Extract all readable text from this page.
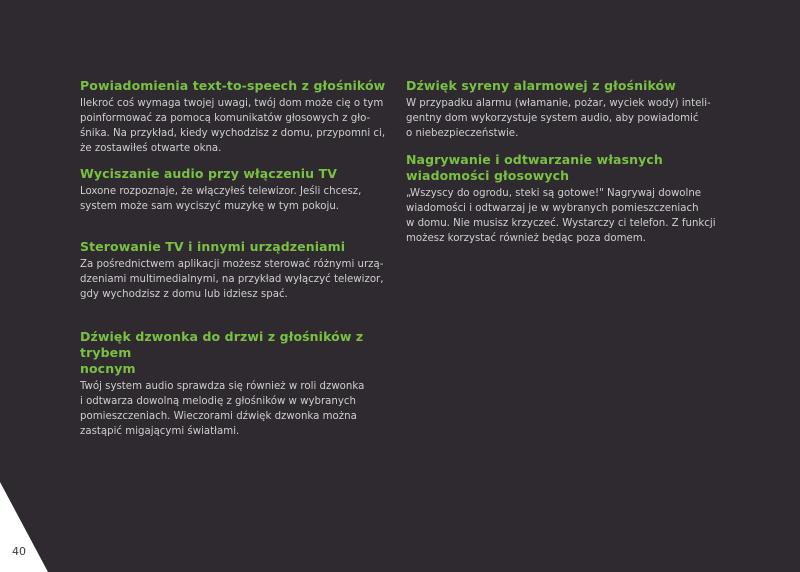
40
Powiadomienia text-to-speech z głośników

Ilekroć coś wymaga twojej uwagi, twój dom może cię o tym
poinformować za pomocą komunikatów głosowych z gło-
śnika. Na przykład, kiedy wychodzisz z domu, przypomni ci,
że zostawiłeś otwarte okna.

Wyciszanie audio przy włączeniu TV

Loxone rozpoznaje, że włączyłeś telewizor. Jeśli chcesz,
system może sam wyciszyć muzykę w tym pokoju.

Sterowanie TV i innymi urządzeniami

Za pośrednictwem aplikacji możesz sterować różnymi urzą-
dzeniami multimedialnymi, na przykład wyłączyć telewizor,
gdy wychodzisz z domu lub idziesz spać.

Dźwięk dzwonka do drzwi z głośników z trybem
nocnym

Twój system audio sprawdza się również w roli dzwonka
i odtwarza dowolną melodię z głośników w wybranych
pomieszczeniach. Wieczorami dźwięk dzwonka można
zastąpić migającymi światłami.

Dźwięk syreny alarmowej z głośników

W przypadku alarmu (włamanie, pożar, wyciek wody) inteli-
gentny dom wykorzystuje system audio, aby powiadomić
o niebezpieczeństwie.

Nagrywanie i odtwarzanie własnych
wiadomości głosowych

„Wszyscy do ogrodu, steki są gotowe!" Nagrywaj dowolne
wiadomości i odtwarzaj je w wybranych pomieszczeniach
w domu. Nie musisz krzyczeć. Wystarczy ci telefon. Z funkcji
możesz korzystać również będąc poza domem.
